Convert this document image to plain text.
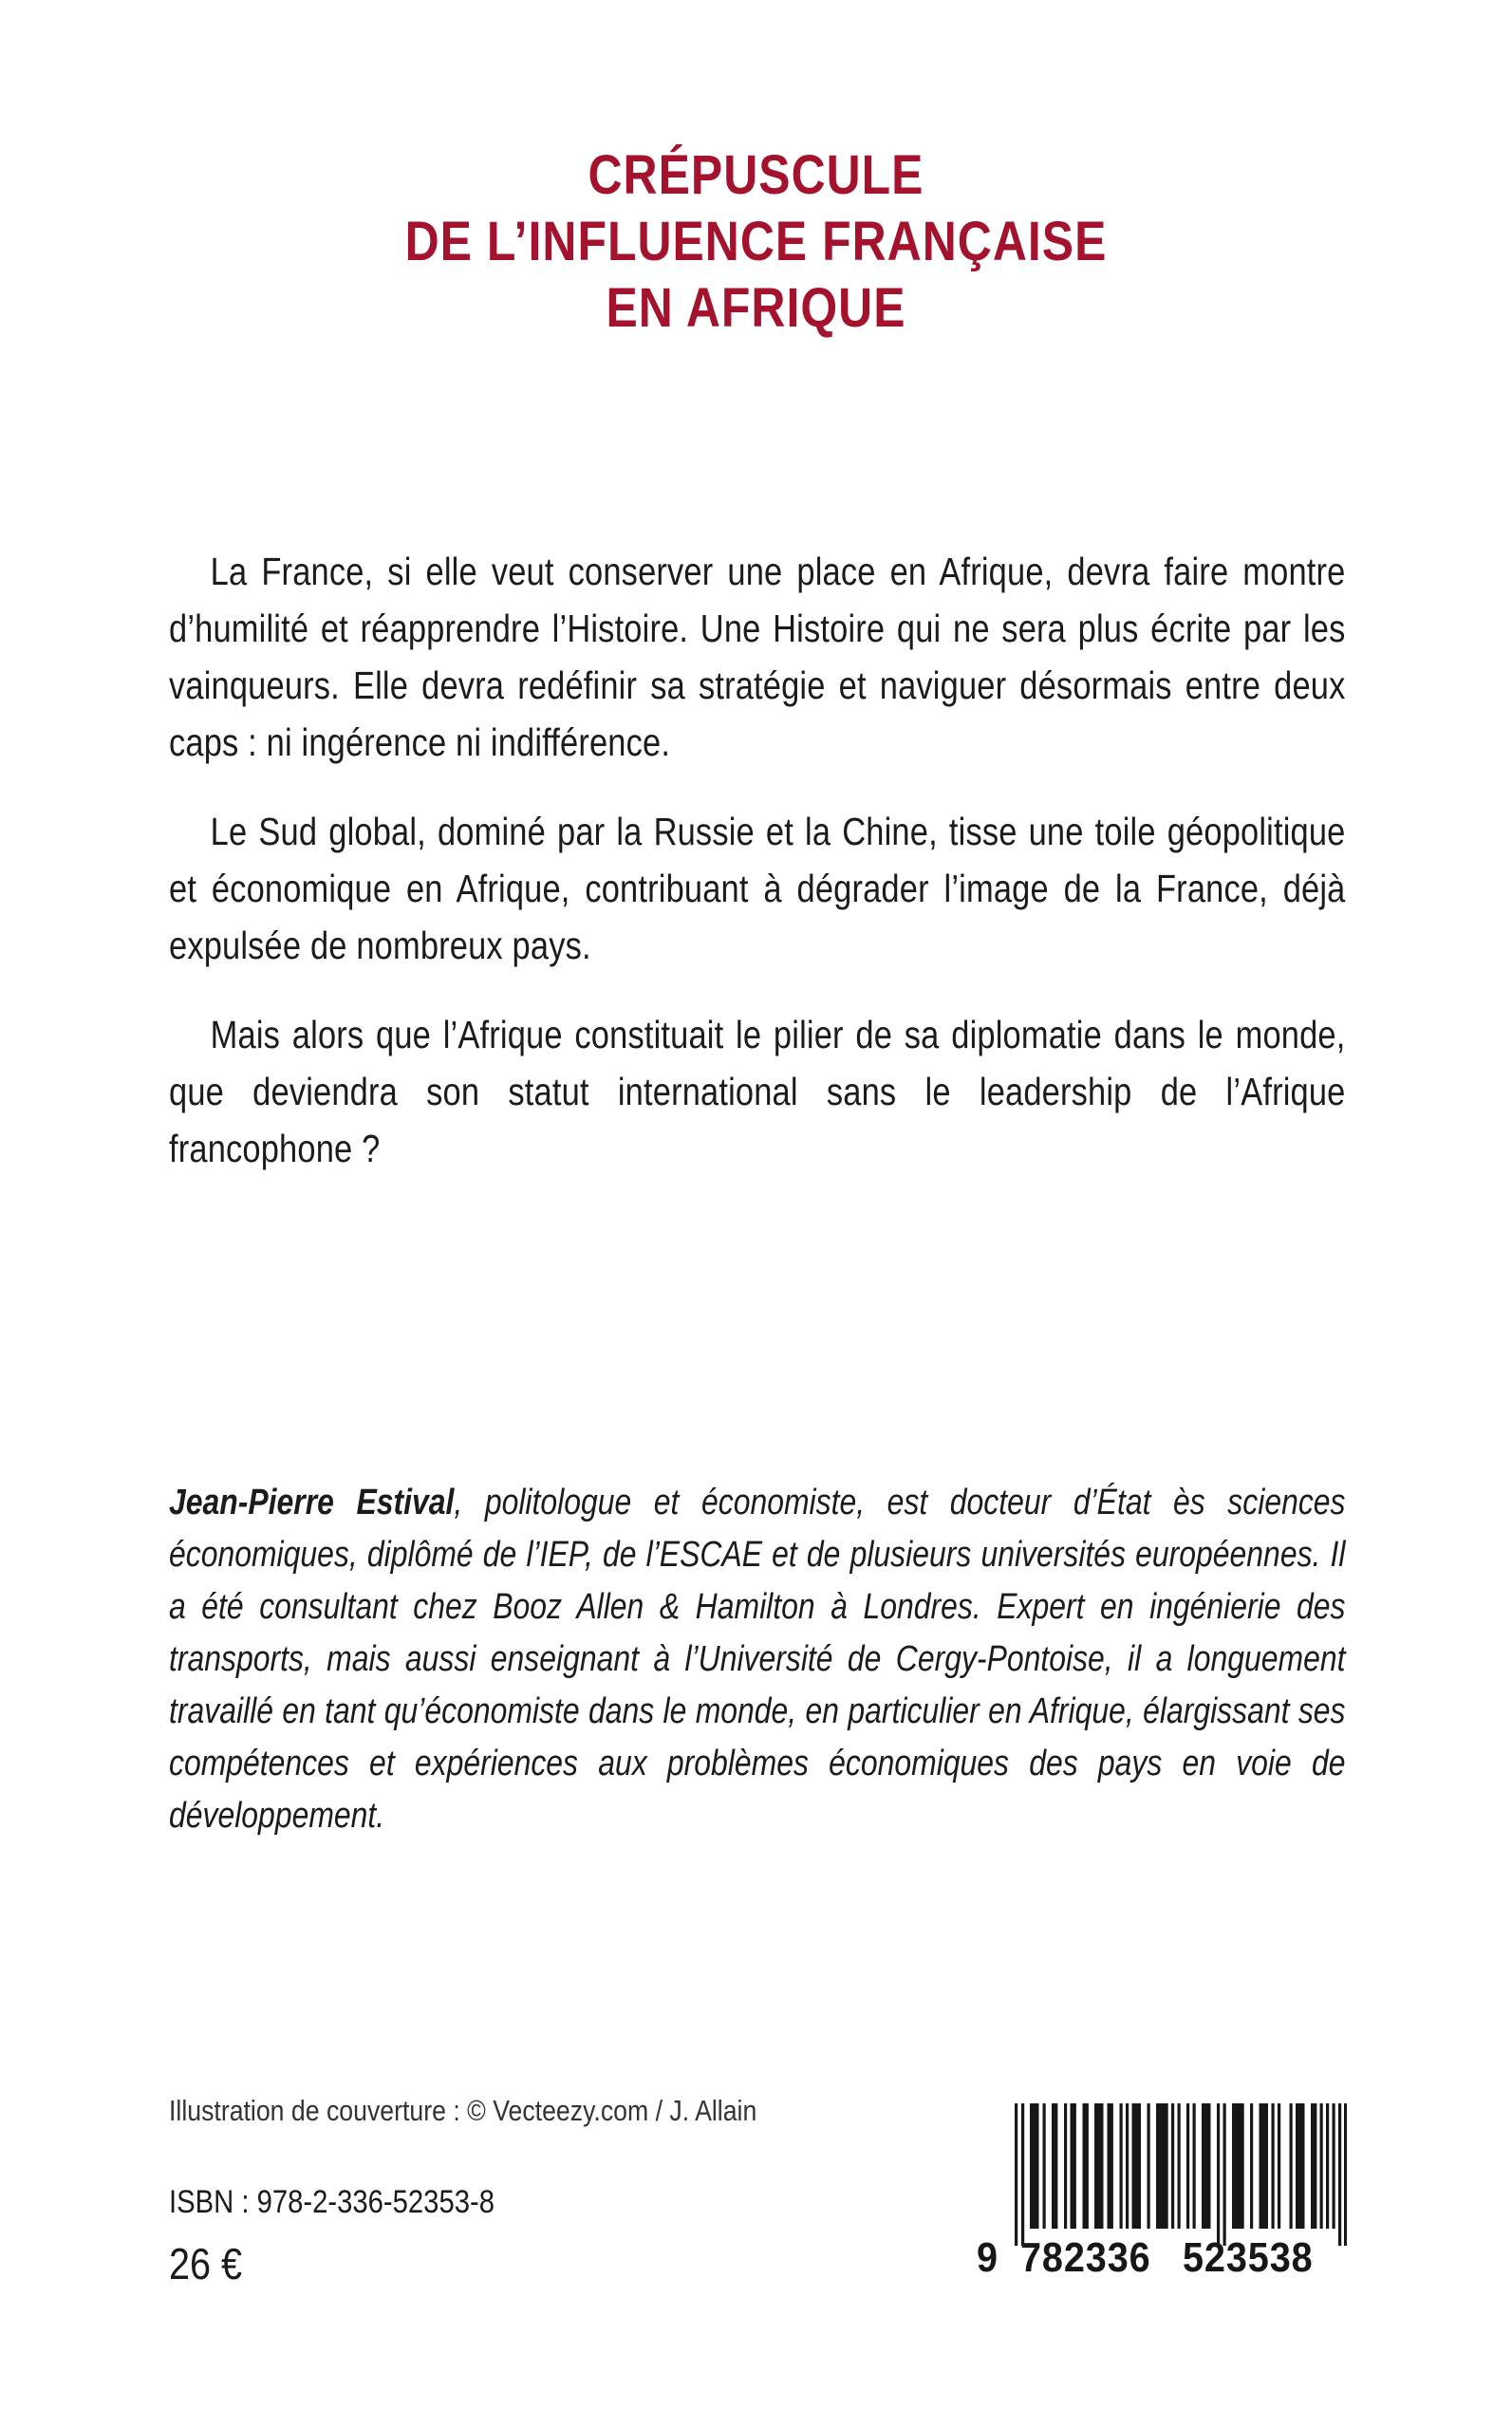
CRÉPUSCULE
DE L’INFLUENCE FRANÇAISE
EN AFRIQUE

La France, si elle veut conserver une place en Afrique, devra faire montre d’humilité et réapprendre l’Histoire. Une Histoire qui ne sera plus écrite par les vainqueurs. Elle devra redéfinir sa stratégie et naviguer désormais entre deux caps : ni ingérence ni indifférence.

Le Sud global, dominé par la Russie et la Chine, tisse une toile géopolitique et économique en Afrique, contribuant à dégrader l’image de la France, déjà expulsée de nombreux pays.

Mais alors que l’Afrique constituait le pilier de sa diplomatie dans le monde, que deviendra son statut international sans le leadership de l’Afrique francophone ?

Jean-Pierre Estival, politologue et économiste, est docteur d’État ès sciences économiques, diplômé de l’IEP, de l’ESCAE et de plusieurs universités européennes. Il a été consultant chez Booz Allen & Hamilton à Londres. Expert en ingénierie des transports, mais aussi enseignant à l’Université de Cergy-Pontoise, il a longuement travaillé en tant qu’économiste dans le monde, en particulier en Afrique, élargissant ses compétences et expériences aux problèmes économiques des pays en voie de développement.

Illustration de couverture : © Vecteezy.com / J. Allain
ISBN : 978-2-336-52353-8
26 €	9 782336 523538
